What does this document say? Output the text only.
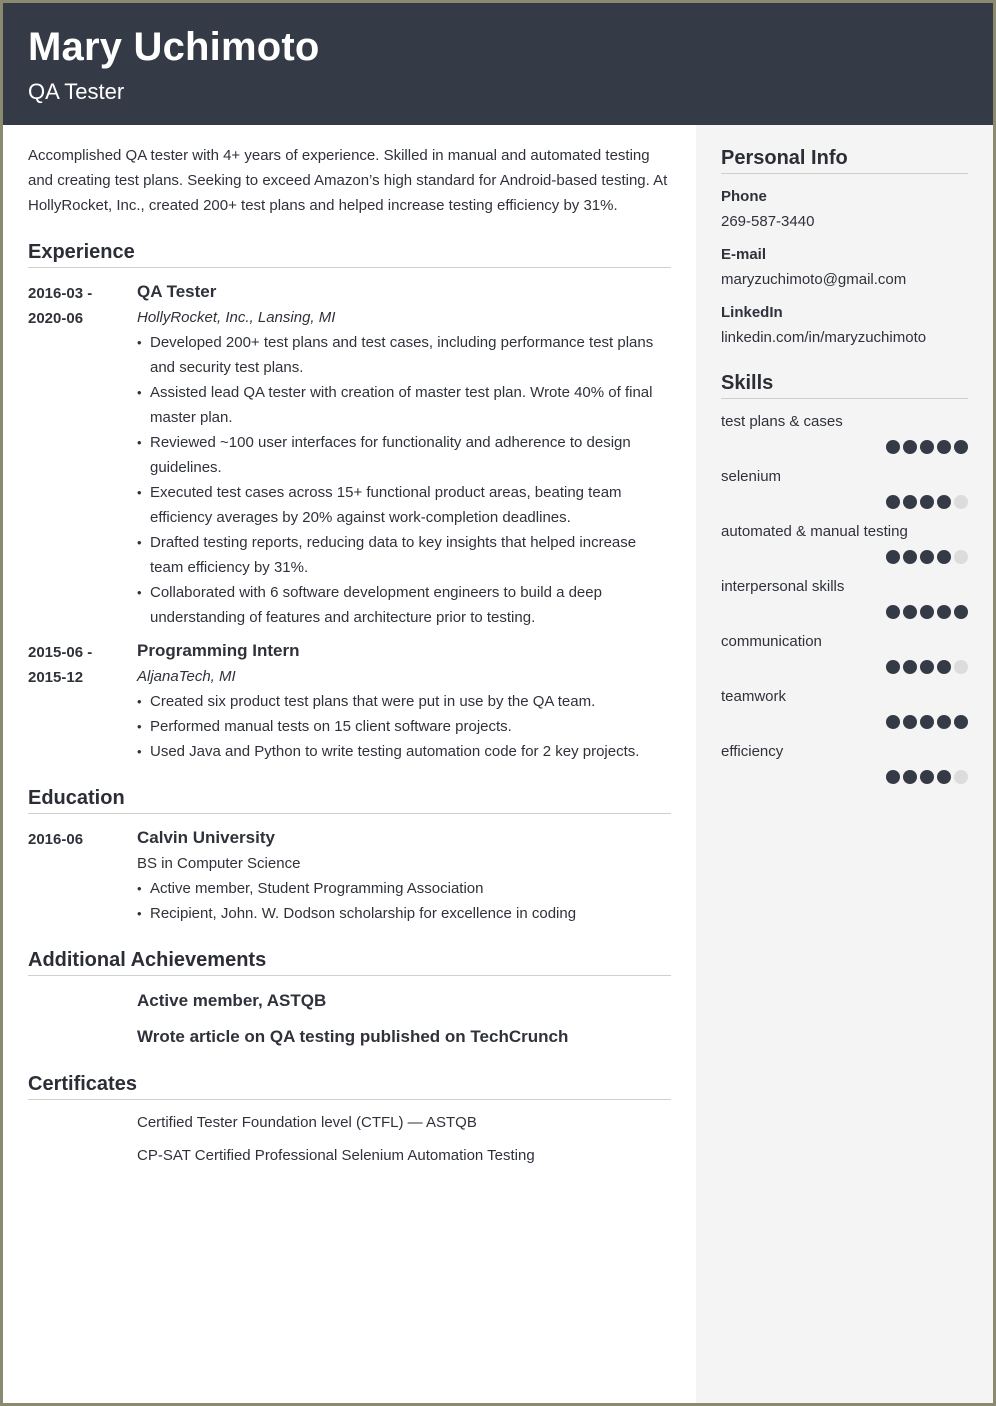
Mary Uchimoto
QA Tester

Accomplished QA tester with 4+ years of experience. Skilled in manual and automated testing and creating test plans. Seeking to exceed Amazon’s high standard for Android-based testing. At HollyRocket, Inc., created 200+ test plans and helped increase testing efficiency by 31%.

Experience
2016-03 -
2020-06
QA Tester
HollyRocket, Inc., Lansing, MI
• Developed 200+ test plans and test cases, including performance test plans and security test plans.
• Assisted lead QA tester with creation of master test plan. Wrote 40% of final master plan.
• Reviewed ~100 user interfaces for functionality and adherence to design guidelines.
• Executed test cases across 15+ functional product areas, beating team efficiency averages by 20% against work-completion deadlines.
• Drafted testing reports, reducing data to key insights that helped increase team efficiency by 31%.
• Collaborated with 6 software development engineers to build a deep understanding of features and architecture prior to testing.
2015-06 -
2015-12
Programming Intern
AljanaTech, MI
• Created six product test plans that were put in use by the QA team.
• Performed manual tests on 15 client software projects.
• Used Java and Python to write testing automation code for 2 key projects.
Education
2016-06	Calvin University
BS in Computer Science
• Active member, Student Programming Association
• Recipient, John. W. Dodson scholarship for excellence in coding
Additional Achievements
Active member, ASTQB
Wrote article on QA testing published on TechCrunch
Certificates
Certified Tester Foundation level (CTFL) — ASTQB
CP-SAT Certified Professional Selenium Automation Testing
Personal Info
Phone
269-587-3440
E-mail
maryzuchimoto@gmail.com
LinkedIn
linkedin.com/in/maryzuchimoto
Skills
test plans & cases
selenium
automated & manual testing
interpersonal skills
communication
teamwork
efficiency
